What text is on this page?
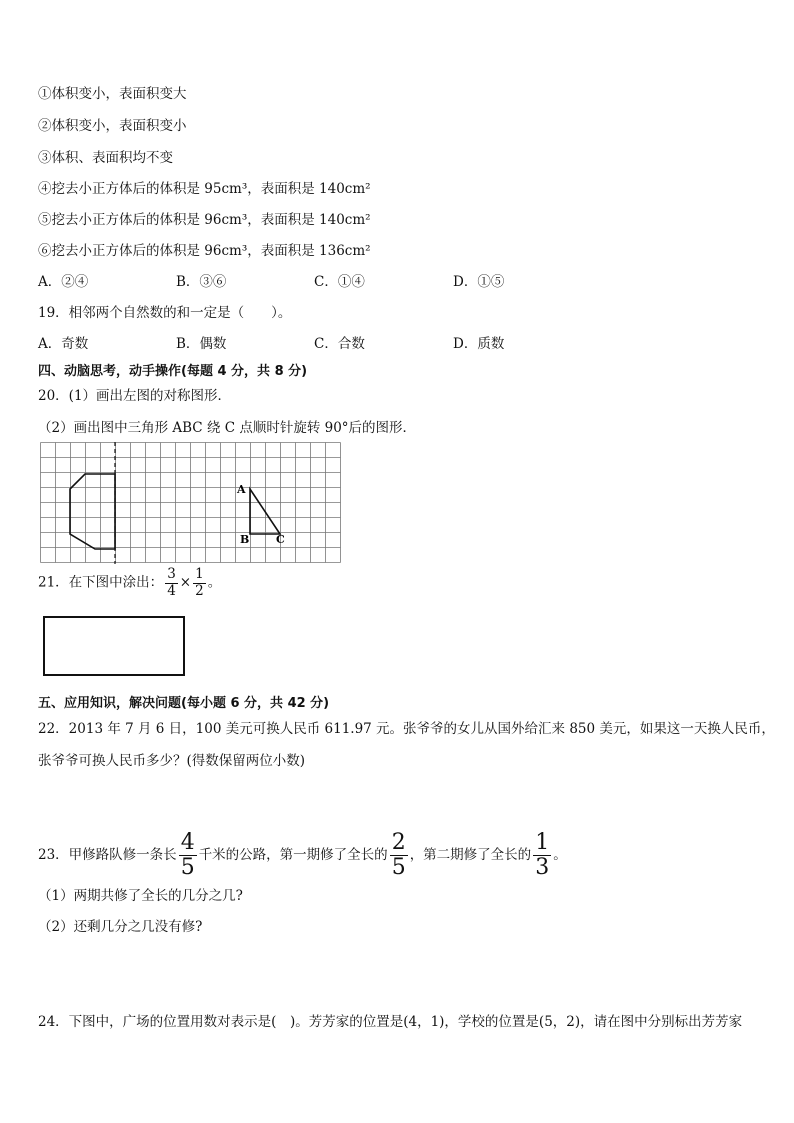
①体积变小，表面积变大
②体积变小，表面积变小
③体积、表面积均不变
④挖去小正方体后的体积是 95cm³，表面积是 140cm²
⑤挖去小正方体后的体积是 96cm³，表面积是 140cm²
⑥挖去小正方体后的体积是 96cm³，表面积是 136cm²
A．②④	B．③⑥	C．①④	D．①⑤
19．相邻两个自然数的和一定是（　　）。
A．奇数	B．偶数	C．合数	D．质数
四、动脑思考，动手操作(每题 4 分，共 8 分)
20．(1）画出左图的对称图形．
（2）画出图中三角形 ABC 绕 C 点顺时针旋转 90°后的图形．
A
B C
21．在下图中涂出： $\frac{3}{4} \times \frac{1}{2}$ 。
五、应用知识，解决问题(每小题 6 分，共 42 分)
22．2013 年 7 月 6 日，100 美元可换人民币 611.97 元。张爷爷的女儿从国外给汇来 850 美元，如果这一天换人民币，
张爷爷可换人民币多少？(得数保留两位小数)
23．甲修路队修一条长 $\frac{4}{5}$ 千米的公路，第一期修了全长的 $\frac{2}{5}$ ，第二期修了全长的 $\frac{1}{3}$ 。
（1）两期共修了全长的几分之几?
（2）还剩几分之几没有修?
24．下图中，广场的位置用数对表示是(　)。芳芳家的位置是(4，1)，学校的位置是(5，2)，请在图中分别标出芳芳家
